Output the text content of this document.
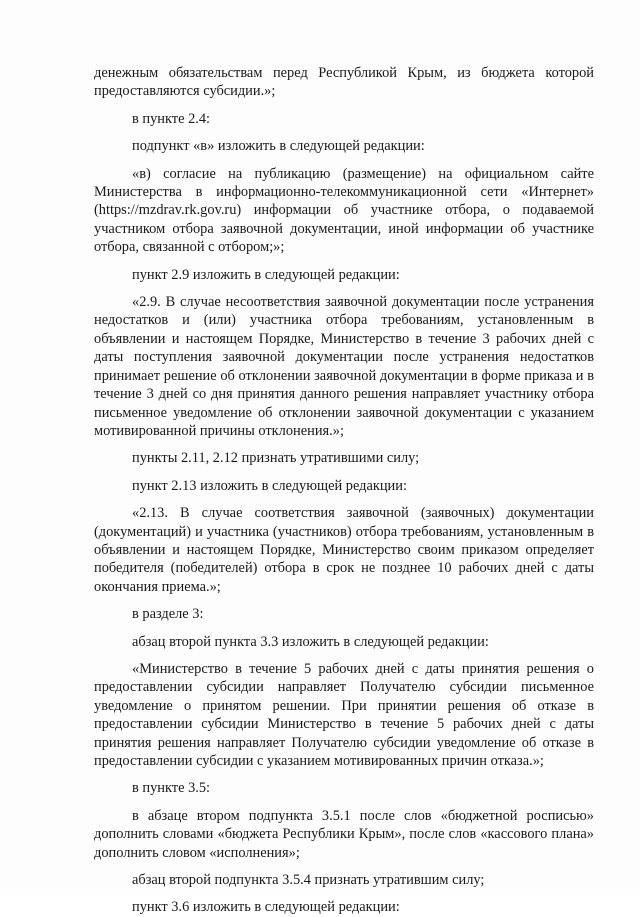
денежным обязательствам перед Республикой Крым, из бюджета которой предоставляются субсидии.»;

в пункте 2.4:

подпункт «в» изложить в следующей редакции:

«в) согласие на публикацию (размещение) на официальном сайте Министерства в информационно-телекоммуникационной сети «Интернет» (https://mzdrav.rk.gov.ru) информации об участнике отбора, о подаваемой участником отбора заявочной документации, иной информации об участнике отбора, связанной с отбором;»;

пункт 2.9 изложить в следующей редакции:

«2.9. В случае несоответствия заявочной документации после устранения недостатков и (или) участника отбора требованиям, установленным в объявлении и настоящем Порядке, Министерство в течение 3 рабочих дней с даты поступления заявочной документации после устранения недостатков принимает решение об отклонении заявочной документации в форме приказа и в течение 3 дней со дня принятия данного решения направляет участнику отбора письменное уведомление об отклонении заявочной документации с указанием мотивированной причины отклонения.»;

пункты 2.11, 2.12 признать утратившими силу;

пункт 2.13 изложить в следующей редакции:

«2.13. В случае соответствия заявочной (заявочных) документации (документаций) и участника (участников) отбора требованиям, установленным в объявлении и настоящем Порядке, Министерство своим приказом определяет победителя (победителей) отбора в срок не позднее 10 рабочих дней с даты окончания приема.»;

в разделе 3:

абзац второй пункта 3.3 изложить в следующей редакции:

«Министерство в течение 5 рабочих дней с даты принятия решения о предоставлении субсидии направляет Получателю субсидии письменное уведомление о принятом решении. При принятии решения об отказе в предоставлении субсидии Министерство в течение 5 рабочих дней с даты принятия решения направляет Получателю субсидии уведомление об отказе в предоставлении субсидии с указанием мотивированных причин отказа.»;

в пункте 3.5:

в абзаце втором подпункта 3.5.1 после слов «бюджетной росписью» дополнить словами «бюджета Республики Крым», после слов «кассового плана» дополнить словом «исполнения»;

абзац второй подпункта 3.5.4 признать утратившим силу;

пункт 3.6 изложить в следующей редакции:
